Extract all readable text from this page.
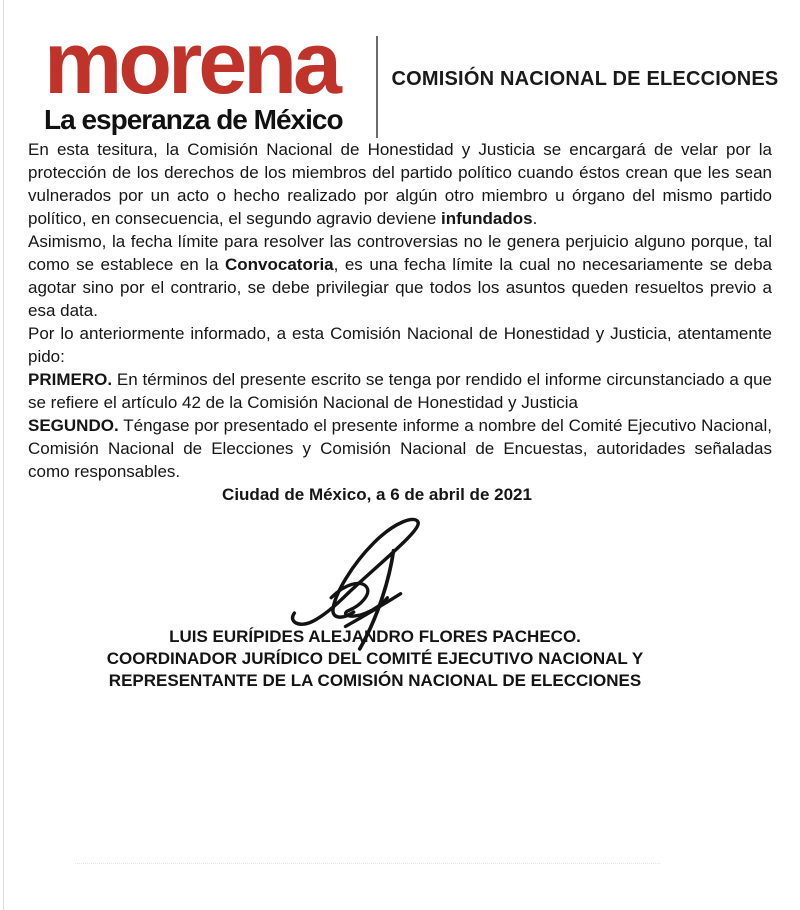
morena
La esperanza de México
COMISIÓN NACIONAL DE ELECCIONES

En esta tesitura, la Comisión Nacional de Honestidad y Justicia se encargará de velar por la protección de los derechos de los miembros del partido político cuando éstos crean que les sean vulnerados por un acto o hecho realizado por algún otro miembro u órgano del mismo partido político, en consecuencia, el segundo agravio deviene infundados.

Asimismo, la fecha límite para resolver las controversias no le genera perjuicio alguno porque, tal como se establece en la Convocatoria, es una fecha límite la cual no necesariamente se deba agotar sino por el contrario, se debe privilegiar que todos los asuntos queden resueltos previo a esa data.

Por lo anteriormente informado, a esta Comisión Nacional de Honestidad y Justicia, atentamente pido:

PRIMERO. En términos del presente escrito se tenga por rendido el informe circunstanciado a que se refiere el artículo 42 de la Comisión Nacional de Honestidad y Justicia

SEGUNDO. Téngase por presentado el presente informe a nombre del Comité Ejecutivo Nacional, Comisión Nacional de Elecciones y Comisión Nacional de Encuestas, autoridades señaladas como responsables.

Ciudad de México, a 6 de abril de 2021

LUIS EURÍPIDES ALEJANDRO FLORES PACHECO.
COORDINADOR JURÍDICO DEL COMITÉ EJECUTIVO NACIONAL Y
REPRESENTANTE DE LA COMISIÓN NACIONAL DE ELECCIONES
